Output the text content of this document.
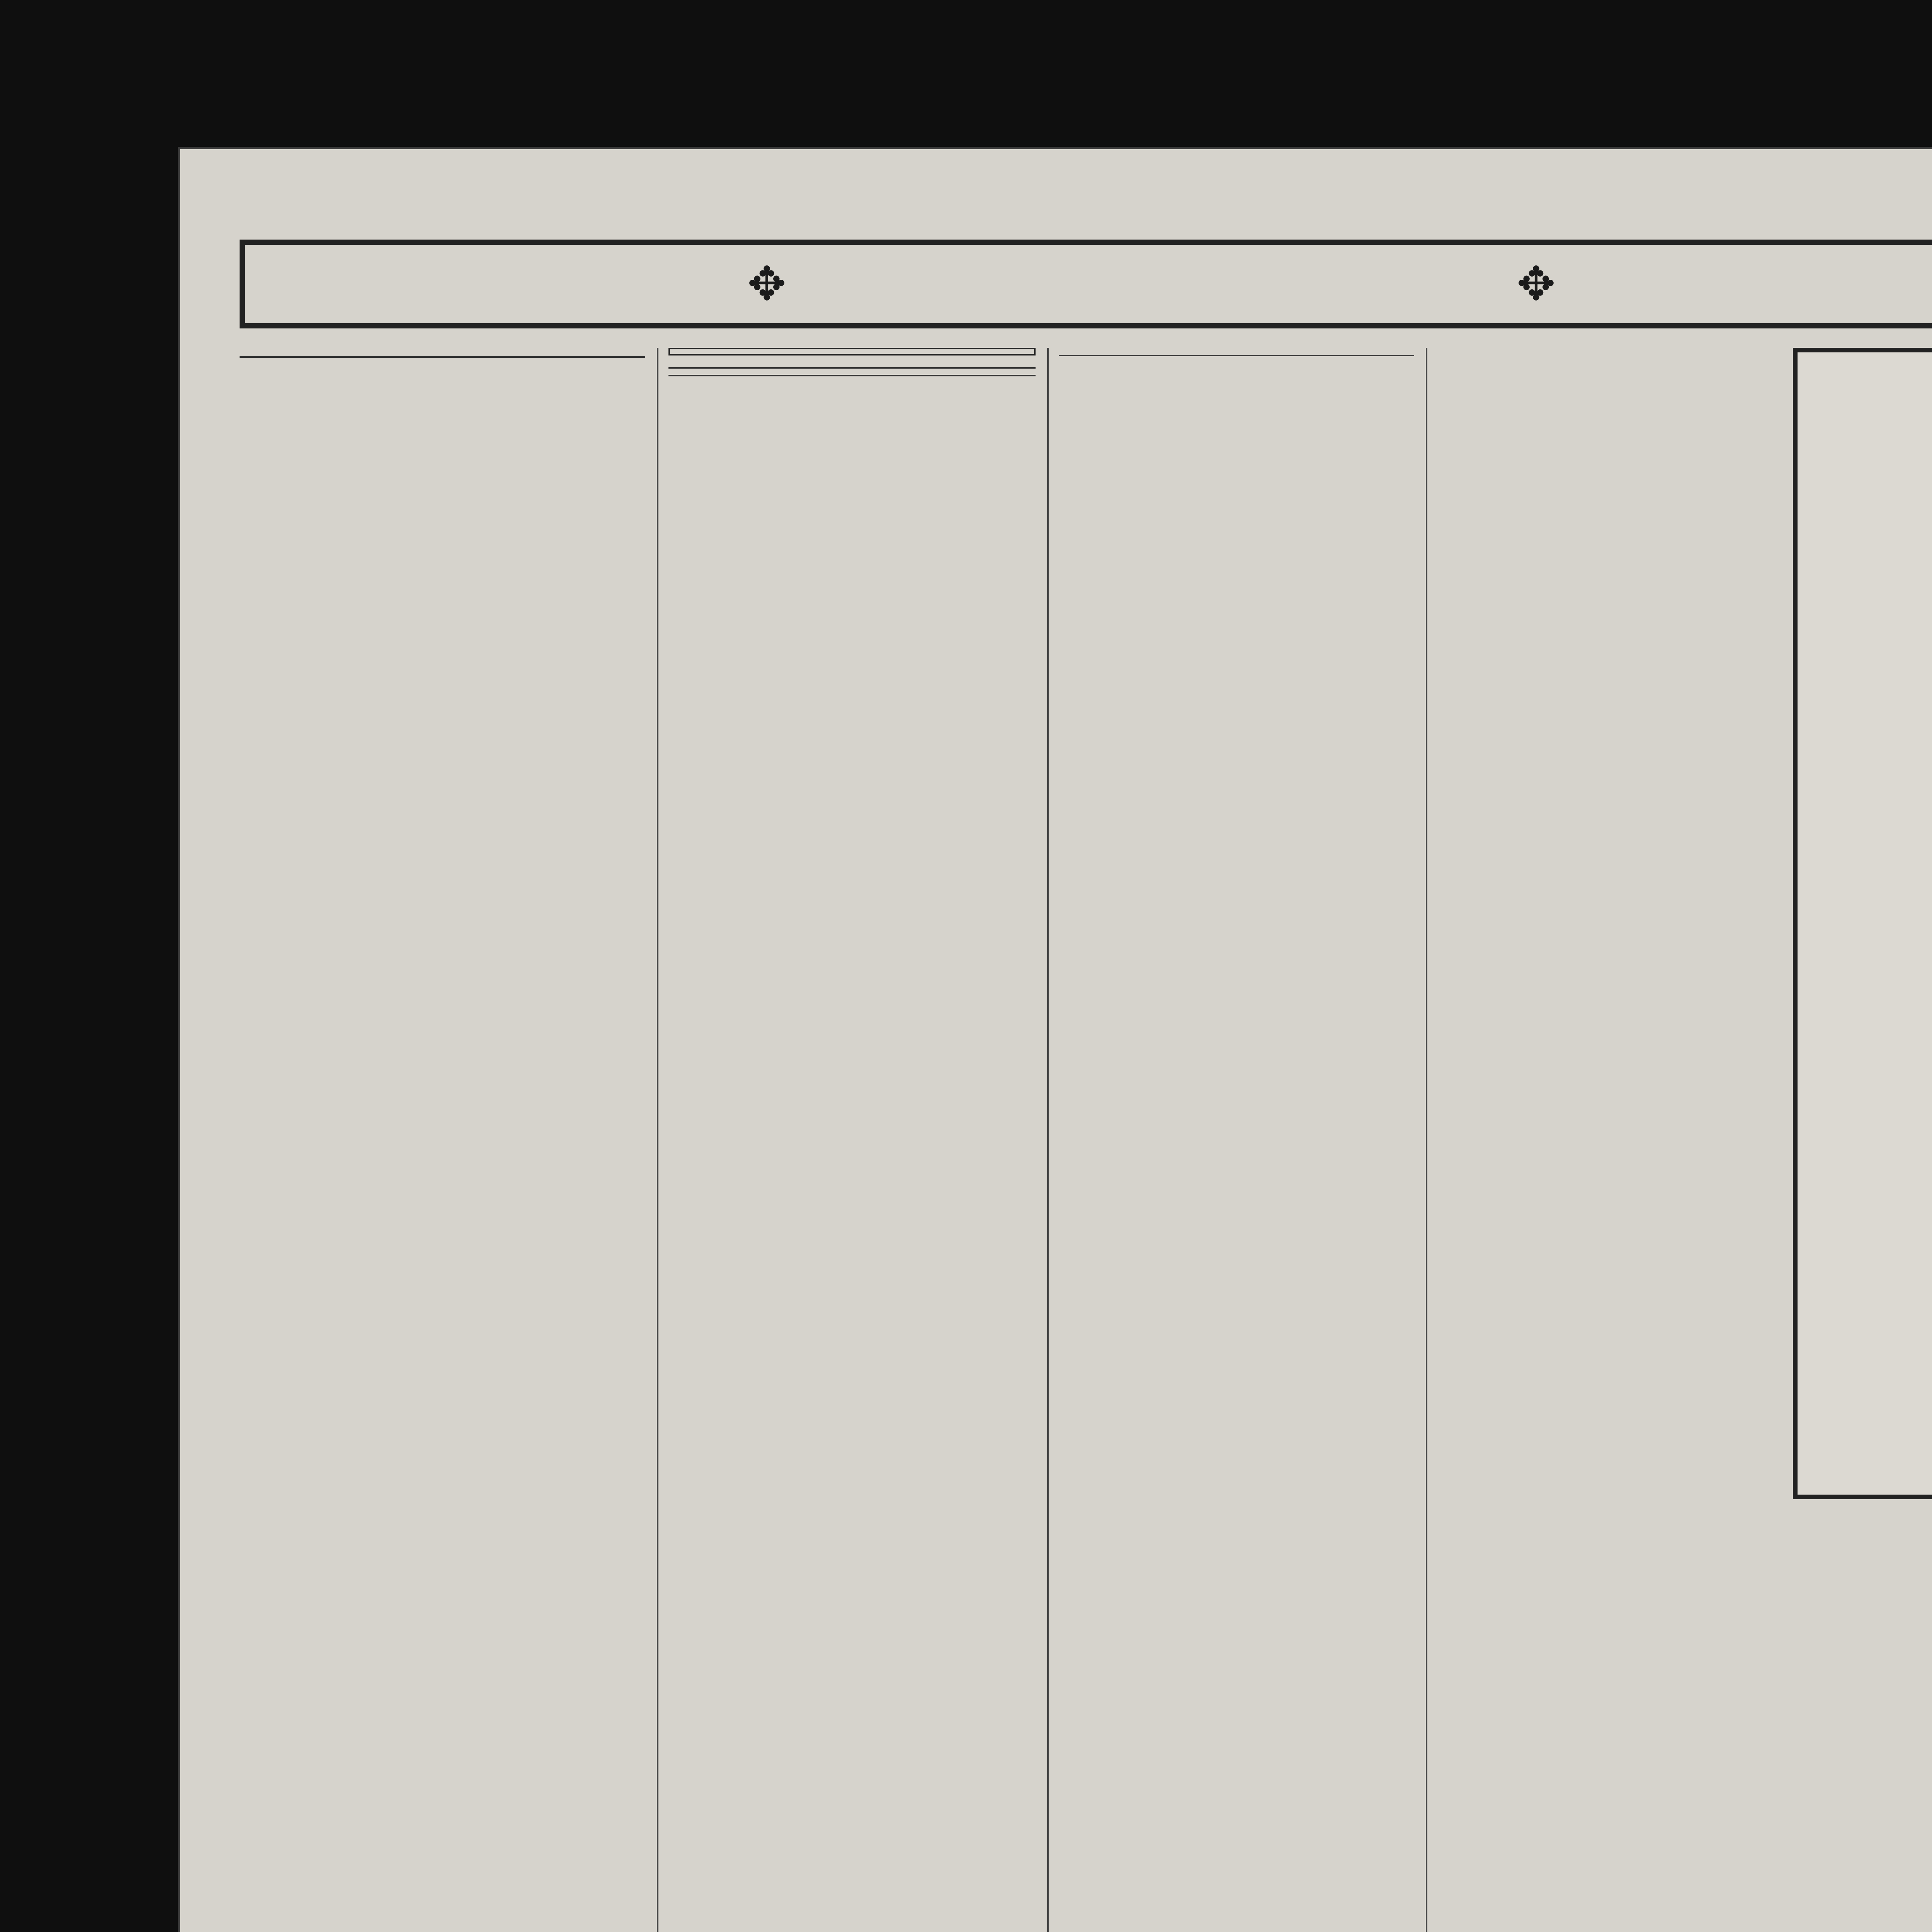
✥	✥
